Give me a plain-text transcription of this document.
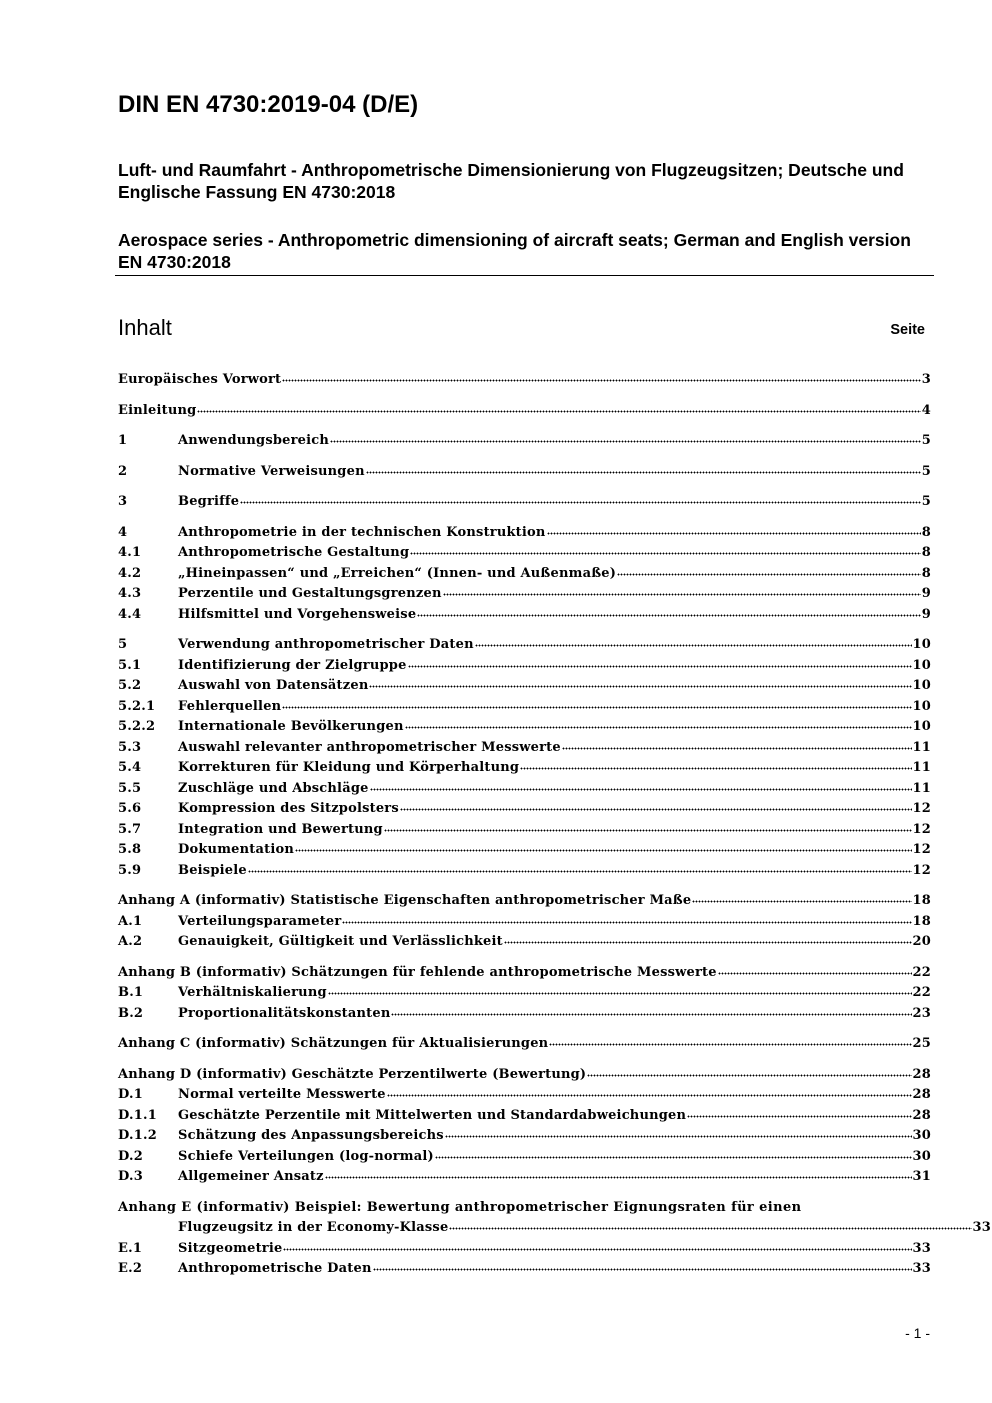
DIN EN 4730:2019-04 (D/E)

Luft- und Raumfahrt - Anthropometrische Dimensionierung von Flugzeugsitzen; Deutsche und Englische Fassung EN 4730:2018

Aerospace series - Anthropometric dimensioning of aircraft seats; German and English version EN 4730:2018

Inhalt	Seite
Europäisches Vorwort	3
Einleitung	4
1	Anwendungsbereich	5
2	Normative Verweisungen	5
3	Begriffe	5
4	Anthropometrie in der technischen Konstruktion	8
4.1	Anthropometrische Gestaltung	8
4.2	„Hineinpassen“ und „Erreichen“ (Innen- und Außenmaße)	8
4.3	Perzentile und Gestaltungsgrenzen	9
4.4	Hilfsmittel und Vorgehensweise	9
5	Verwendung anthropometrischer Daten	10
5.1	Identifizierung der Zielgruppe	10
5.2	Auswahl von Datensätzen	10
5.2.1	Fehlerquellen	10
5.2.2	Internationale Bevölkerungen	10
5.3	Auswahl relevanter anthropometrischer Messwerte	11
5.4	Korrekturen für Kleidung und Körperhaltung	11
5.5	Zuschläge und Abschläge	11
5.6	Kompression des Sitzpolsters	12
5.7	Integration und Bewertung	12
5.8	Dokumentation	12
5.9	Beispiele	12
Anhang A (informativ) Statistische Eigenschaften anthropometrischer Maße	18
A.1	Verteilungsparameter	18
A.2	Genauigkeit, Gültigkeit und Verlässlichkeit	20
Anhang B (informativ) Schätzungen für fehlende anthropometrische Messwerte	22
B.1	Verhältniskalierung	22
B.2	Proportionalitätskonstanten	23
Anhang C (informativ) Schätzungen für Aktualisierungen	25
Anhang D (informativ) Geschätzte Perzentilwerte (Bewertung)	28
D.1	Normal verteilte Messwerte	28
D.1.1	Geschätzte Perzentile mit Mittelwerten und Standardabweichungen	28
D.1.2	Schätzung des Anpassungsbereichs	30
D.2	Schiefe Verteilungen (log-normal)	30
D.3	Allgemeiner Ansatz	31
Anhang E (informativ) Beispiel: Bewertung anthropometrischer Eignungsraten für einen
Flugzeugsitz in der Economy-Klasse	33
E.1	Sitzgeometrie	33
E.2	Anthropometrische Daten	33
- 1 -
